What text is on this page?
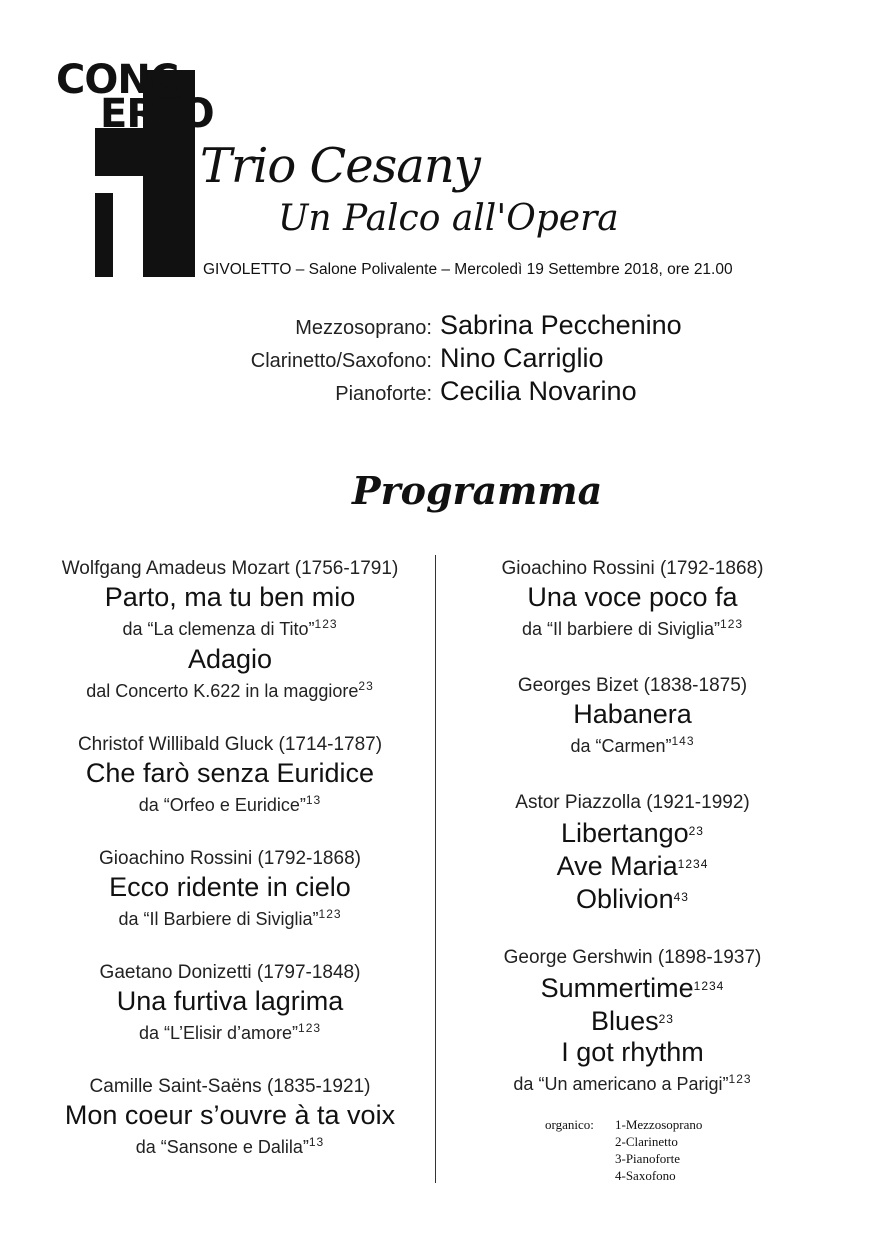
CONC
ERTO
Trio Cesany
Un Palco all'Opera
GIVOLETTO – Salone Polivalente – Mercoledì 19 Settembre 2018, ore 21.00
Mezzosoprano: Sabrina Pecchenino
Clarinetto/Saxofono: Nino Carriglio
Pianoforte: Cecilia Novarino
Programma
Wolfgang Amadeus Mozart (1756-1791)
Parto, ma tu ben mio
da “La clemenza di Tito”$^{123}$
Adagio
dal Concerto K.622 in la maggiore$^{23}$
Christof Willibald Gluck (1714-1787)
Che farò senza Euridice
da “Orfeo e Euridice”$^{13}$
Gioachino Rossini (1792-1868)
Ecco ridente in cielo
da “Il Barbiere di Siviglia”$^{123}$
Gaetano Donizetti (1797-1848)
Una furtiva lagrima
da “L’Elisir d’amore”$^{123}$
Camille Saint-Saëns (1835-1921)
Mon coeur s’ouvre à ta voix
da “Sansone e Dalila”$^{13}$
Gioachino Rossini (1792-1868)
Una voce poco fa
da “Il barbiere di Siviglia”$^{123}$
Georges Bizet (1838-1875)
Habanera
da “Carmen”$^{143}$
Astor Piazzolla (1921-1992)
Libertango$^{23}$
Ave Maria$^{1234}$
Oblivion$^{43}$
George Gershwin (1898-1937)
Summertime$^{1234}$
Blues$^{23}$
I got rhythm
da “Un americano a Parigi”$^{123}$
organico:	1-Mezzosoprano
2-Clarinetto
3-Pianoforte
4-Saxofono
